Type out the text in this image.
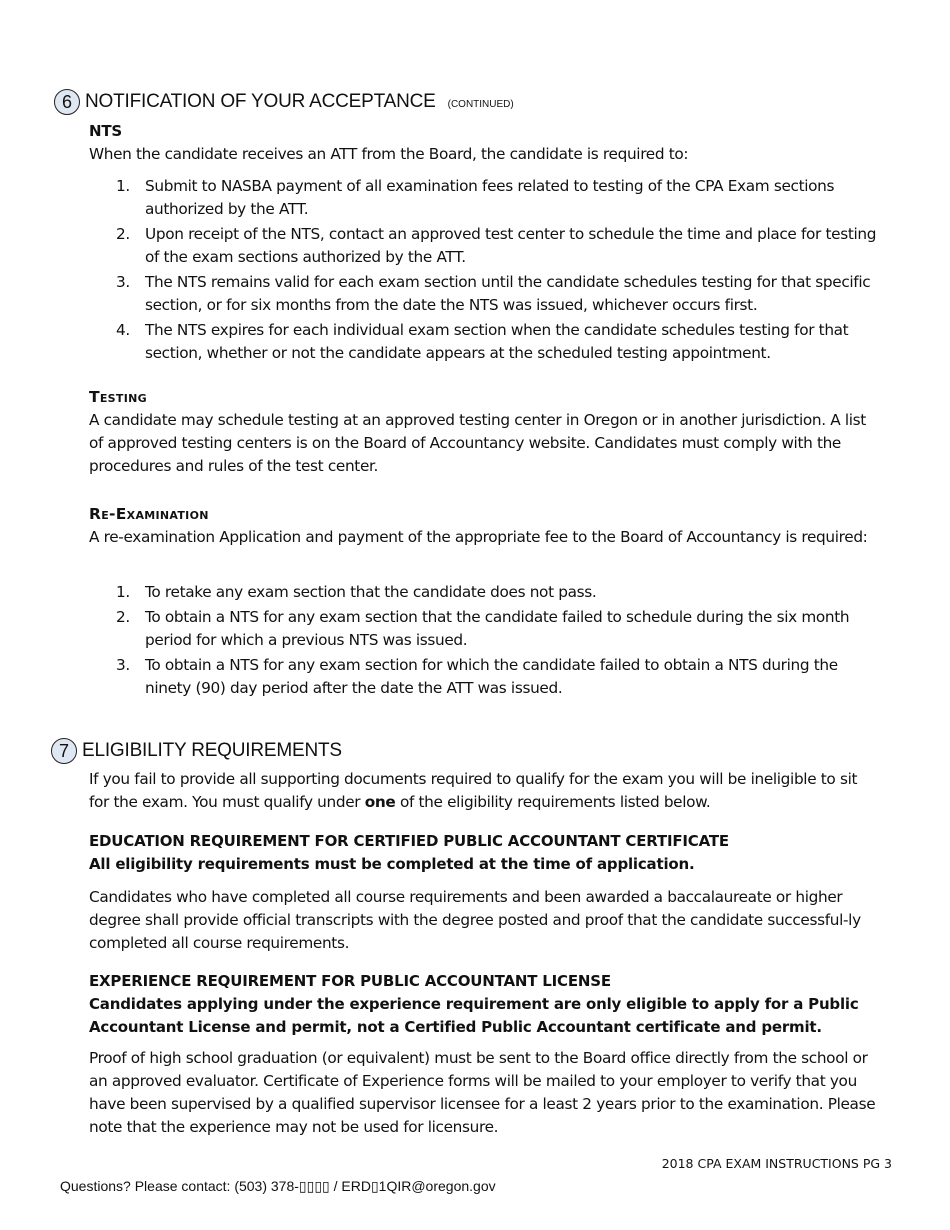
6 NOTIFICATION OF YOUR ACCEPTANCE (CONTINUED)
NTS
When the candidate receives an ATT from the Board, the candidate is required to:
1. Submit to NASBA payment of all examination fees related to testing of the CPA Exam sections authorized by the ATT.
2. Upon receipt of the NTS, contact an approved test center to schedule the time and place for testing of the exam sections authorized by the ATT.
3. The NTS remains valid for each exam section until the candidate schedules testing for that specific section, or for six months from the date the NTS was issued, whichever occurs first.
4. The NTS expires for each individual exam section when the candidate schedules testing for that section, whether or not the candidate appears at the scheduled testing appointment.
Testing
A candidate may schedule testing at an approved testing center in Oregon or in another jurisdiction. A list of approved testing centers is on the Board of Accountancy website. Candidates must comply with the procedures and rules of the test center.
Re-Examination
A re-examination Application and payment of the appropriate fee to the Board of Accountancy is required:
1. To retake any exam section that the candidate does not pass.
2. To obtain a NTS for any exam section that the candidate failed to schedule during the six month period for which a previous NTS was issued.
3. To obtain a NTS for any exam section for which the candidate failed to obtain a NTS during the ninety (90) day period after the date the ATT was issued.
7 ELIGIBILITY REQUIREMENTS
If you fail to provide all supporting documents required to qualify for the exam you will be ineligible to sit for the exam. You must qualify under one of the eligibility requirements listed below.
EDUCATION REQUIREMENT FOR CERTIFIED PUBLIC ACCOUNTANT CERTIFICATE
All eligibility requirements must be completed at the time of application.
Candidates who have completed all course requirements and been awarded a baccalaureate or higher degree shall provide official transcripts with the degree posted and proof that the candidate successful-ly completed all course requirements.
EXPERIENCE REQUIREMENT FOR PUBLIC ACCOUNTANT LICENSE
Candidates applying under the experience requirement are only eligible to apply for a Public Accountant License and permit, not a Certified Public Accountant certificate and permit.
Proof of high school graduation (or equivalent) must be sent to the Board office directly from the school or an approved evaluator. Certificate of Experience forms will be mailed to your employer to verify that you have been supervised by a qualified supervisor licensee for a least 2 years prior to the examination. Please note that the experience may not be used for licensure.
2018 CPA EXAM INSTRUCTIONS PG 3
Questions? Please contact: (503) 378-▯▯▯▯ / ERD▯1QIR@oregon.gov
